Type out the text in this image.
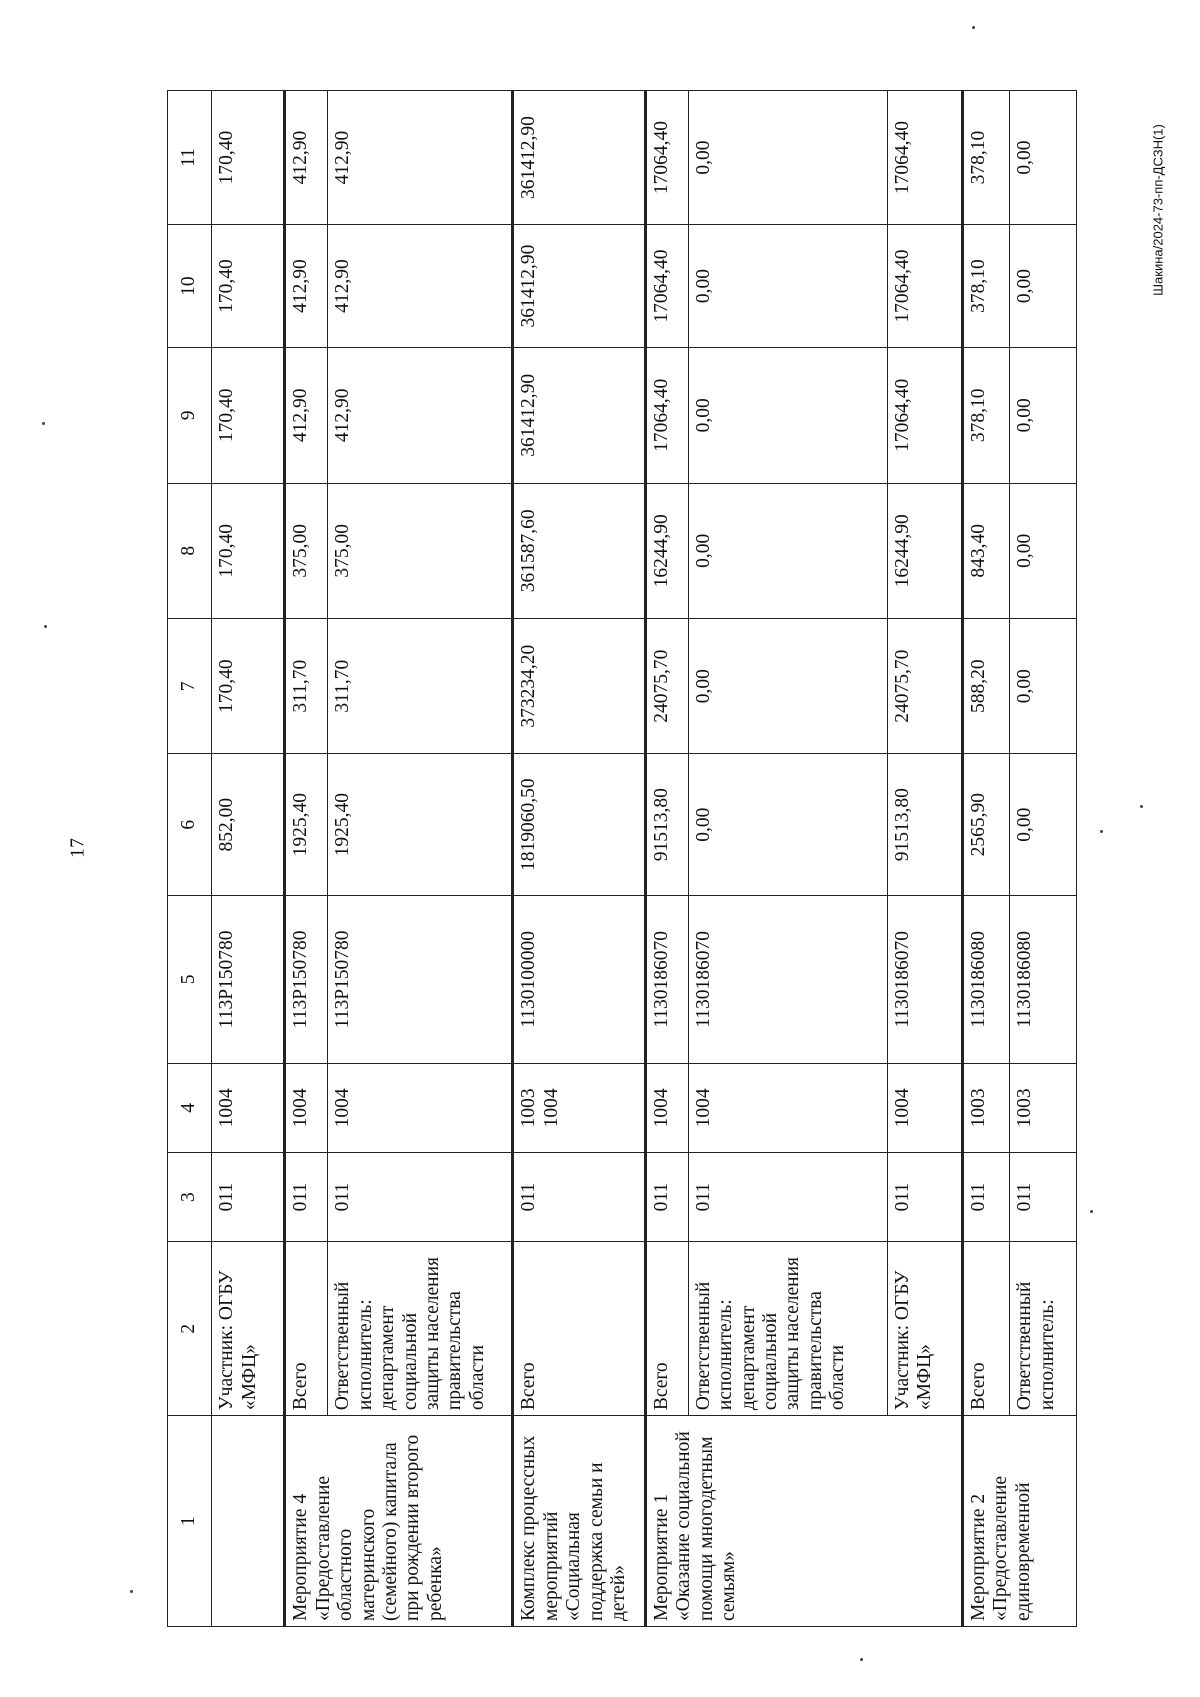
17
Шакина/2024-73-пп-ДСЗН(1)
1	2	3	4	5	6	7	8	9	10	11
	Участник: ОГБУ «МФЦ»	011	1004	113Р150780	852,00	170,40	170,40	170,40	170,40	170,40
Мероприятие 4 «Предоставление областного материнского (семейного) капитала при рождении второго ребенка»	Всего	011	1004	113Р150780	1925,40	311,70	375,00	412,90	412,90	412,90
	Ответственный исполнитель: департамент социальной защиты населения правительства области	011	1004	113Р150780	1925,40	311,70	375,00	412,90	412,90	412,90
Комплекс процессных мероприятий «Социальная поддержка семьи и детей»	Всего	011	1003 1004	1130100000	1819060,50	373234,20	361587,60	361412,90	361412,90	361412,90
Мероприятие 1 «Оказание социальной помощи многодетным семьям»	Всего	011	1004	1130186070	91513,80	24075,70	16244,90	17064,40	17064,40	17064,40
	Ответственный исполнитель: департамент социальной защиты населения правительства области	011	1004	1130186070	0,00	0,00	0,00	0,00	0,00	0,00
	Участник: ОГБУ «МФЦ»	011	1004	1130186070	91513,80	24075,70	16244,90	17064,40	17064,40	17064,40
Мероприятие 2 «Предоставление единовременной	Всего	011	1003	1130186080	2565,90	588,20	843,40	378,10	378,10	378,10
	Ответственный исполнитель:	011	1003	1130186080	0,00	0,00	0,00	0,00	0,00	0,00
